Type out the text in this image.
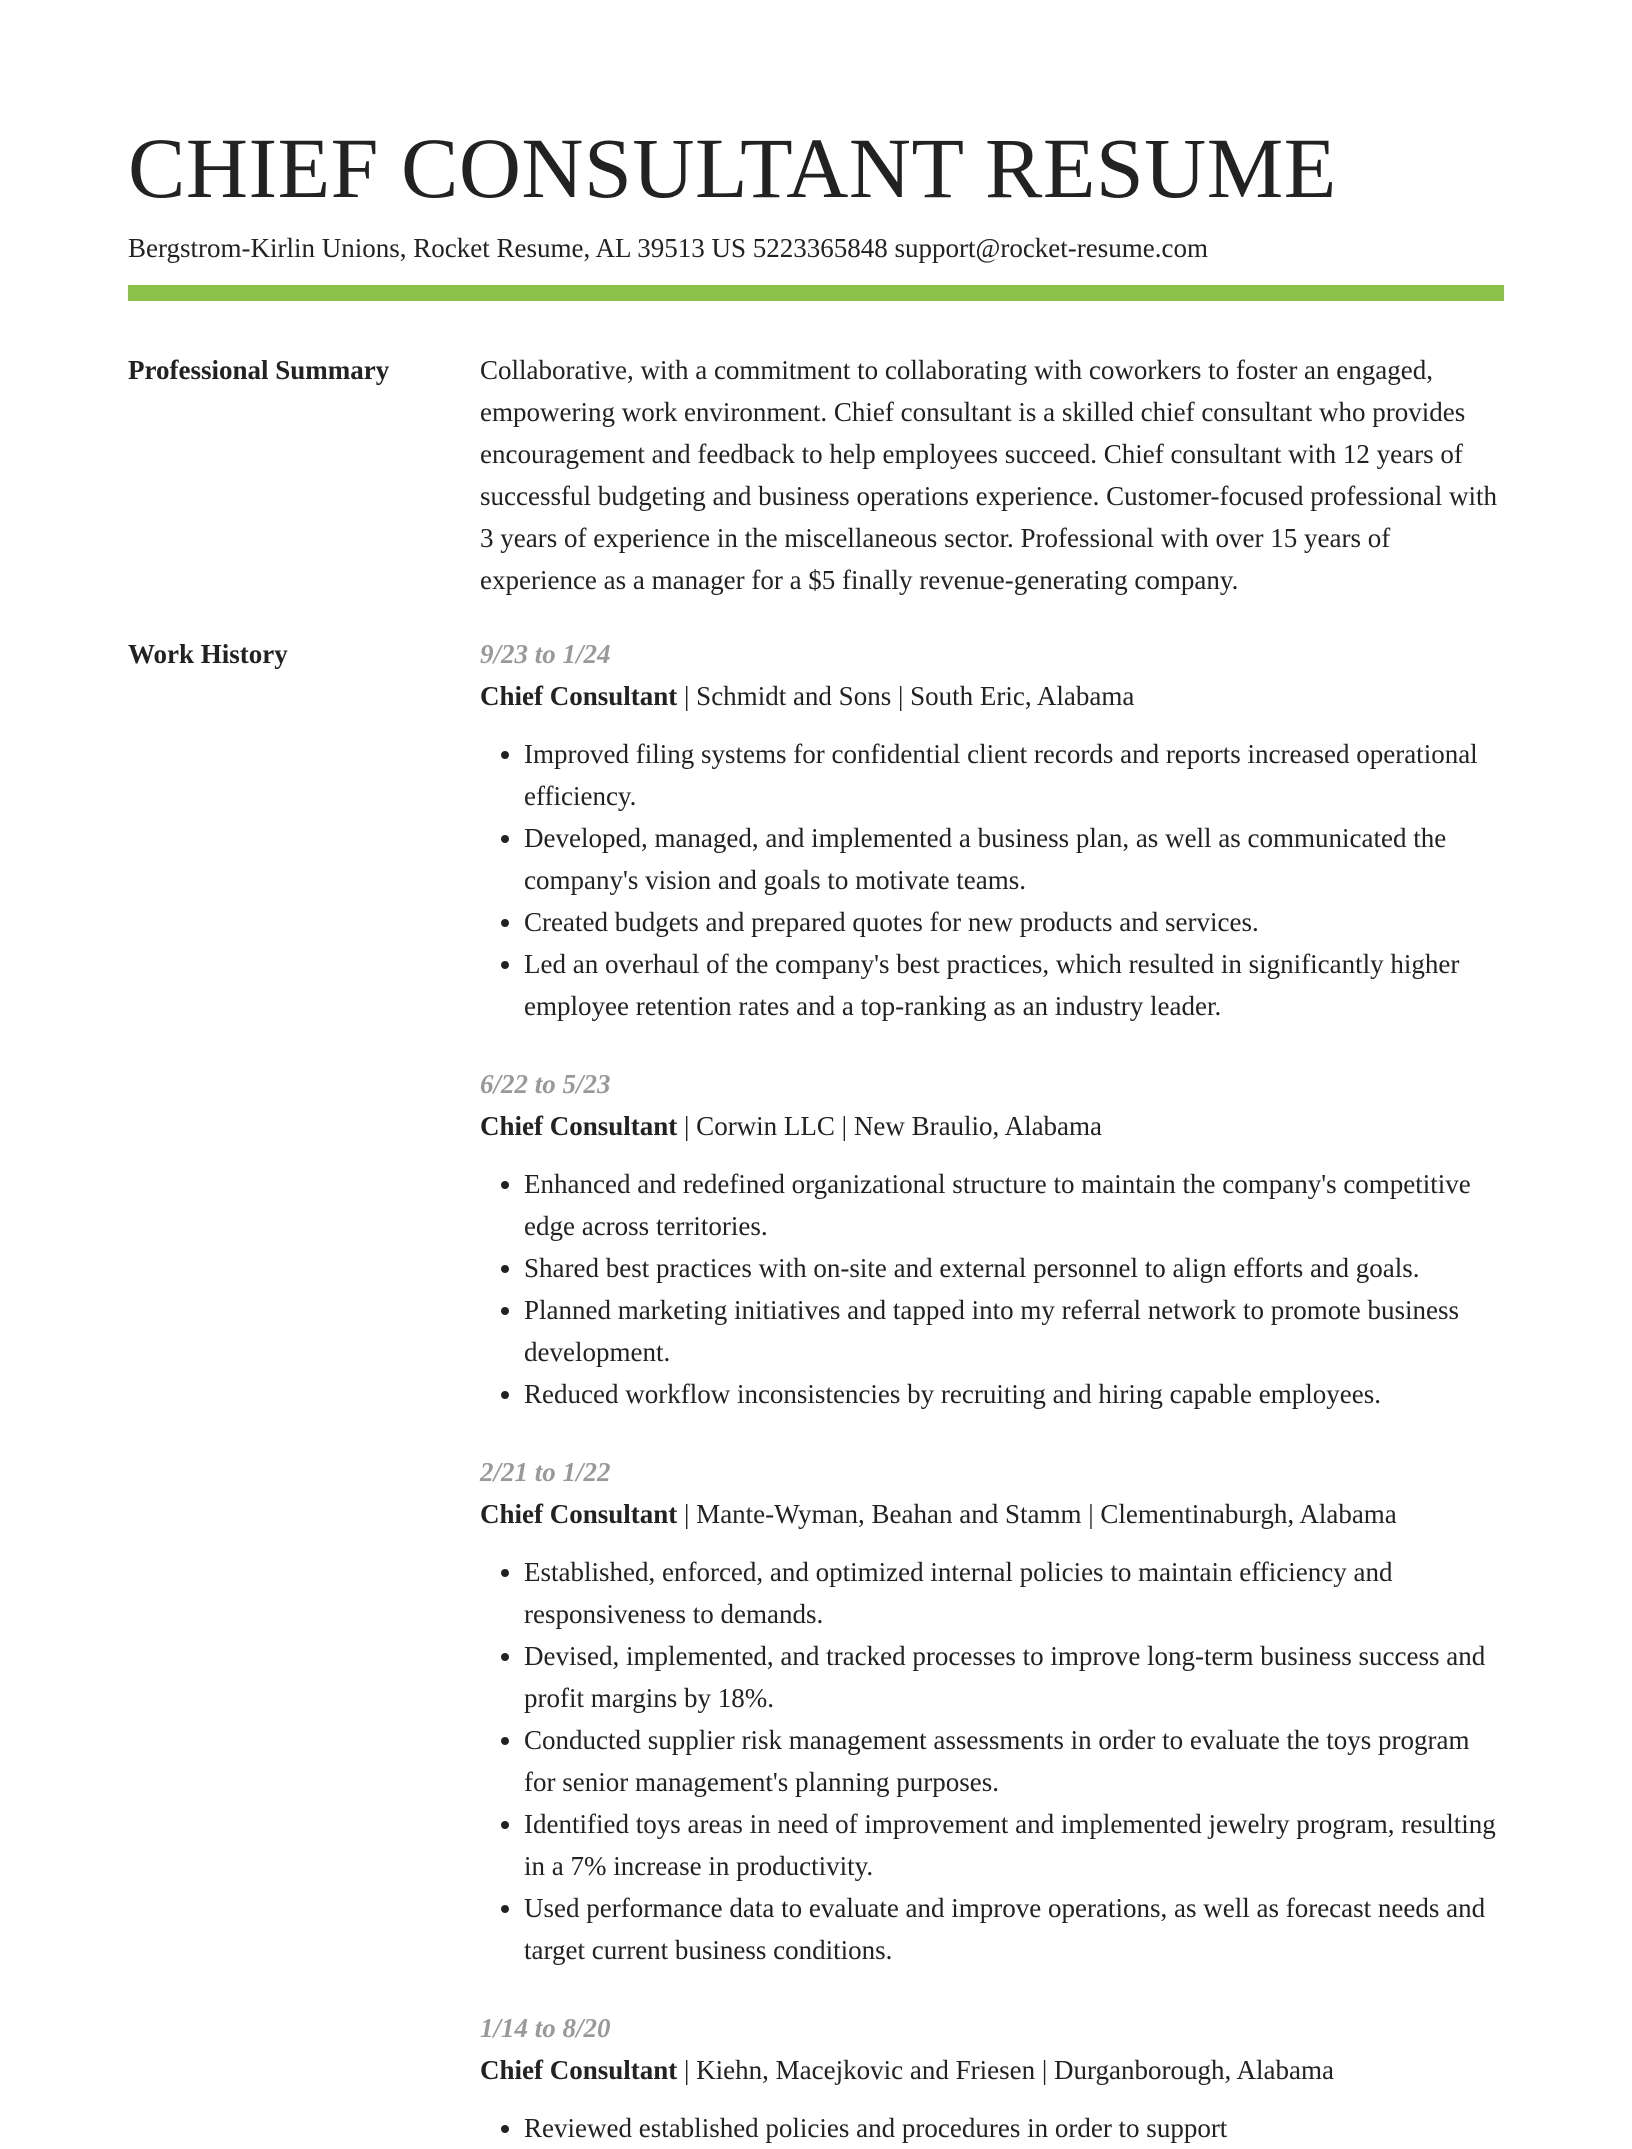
CHIEF CONSULTANT RESUME
Bergstrom-Kirlin Unions, Rocket Resume, AL 39513 US 5223365848 support@rocket-resume.com
Professional Summary	Collaborative, with a commitment to collaborating with coworkers to foster an engaged, empowering work environment. Chief consultant is a skilled chief consultant who provides encouragement and feedback to help employees succeed. Chief consultant with 12 years of successful budgeting and business operations experience. Customer-focused professional with 3 years of experience in the miscellaneous sector. Professional with over 15 years of experience as a manager for a $5 finally revenue-generating company.

Work History	9/23 to 1/24

Chief Consultant | Schmidt and Sons | South Eric, Alabama

• Improved filing systems for confidential client records and reports increased operational efficiency.
• Developed, managed, and implemented a business plan, as well as communicated the company's vision and goals to motivate teams.
• Created budgets and prepared quotes for new products and services.
• Led an overhaul of the company's best practices, which resulted in significantly higher employee retention rates and a top-ranking as an industry leader.

6/22 to 5/23

Chief Consultant | Corwin LLC | New Braulio, Alabama

• Enhanced and redefined organizational structure to maintain the company's competitive edge across territories.
• Shared best practices with on-site and external personnel to align efforts and goals.
• Planned marketing initiatives and tapped into my referral network to promote business development.
• Reduced workflow inconsistencies by recruiting and hiring capable employees.

2/21 to 1/22

Chief Consultant | Mante-Wyman, Beahan and Stamm | Clementinaburgh, Alabama

• Established, enforced, and optimized internal policies to maintain efficiency and responsiveness to demands.
• Devised, implemented, and tracked processes to improve long-term business success and profit margins by 18%.
• Conducted supplier risk management assessments in order to evaluate the toys program for senior management's planning purposes.
• Identified toys areas in need of improvement and implemented jewelry program, resulting in a 7% increase in productivity.
• Used performance data to evaluate and improve operations, as well as forecast needs and target current business conditions.

1/14 to 8/20

Chief Consultant | Kiehn, Macejkovic and Friesen | Durganborough, Alabama

• Reviewed established policies and procedures in order to support
